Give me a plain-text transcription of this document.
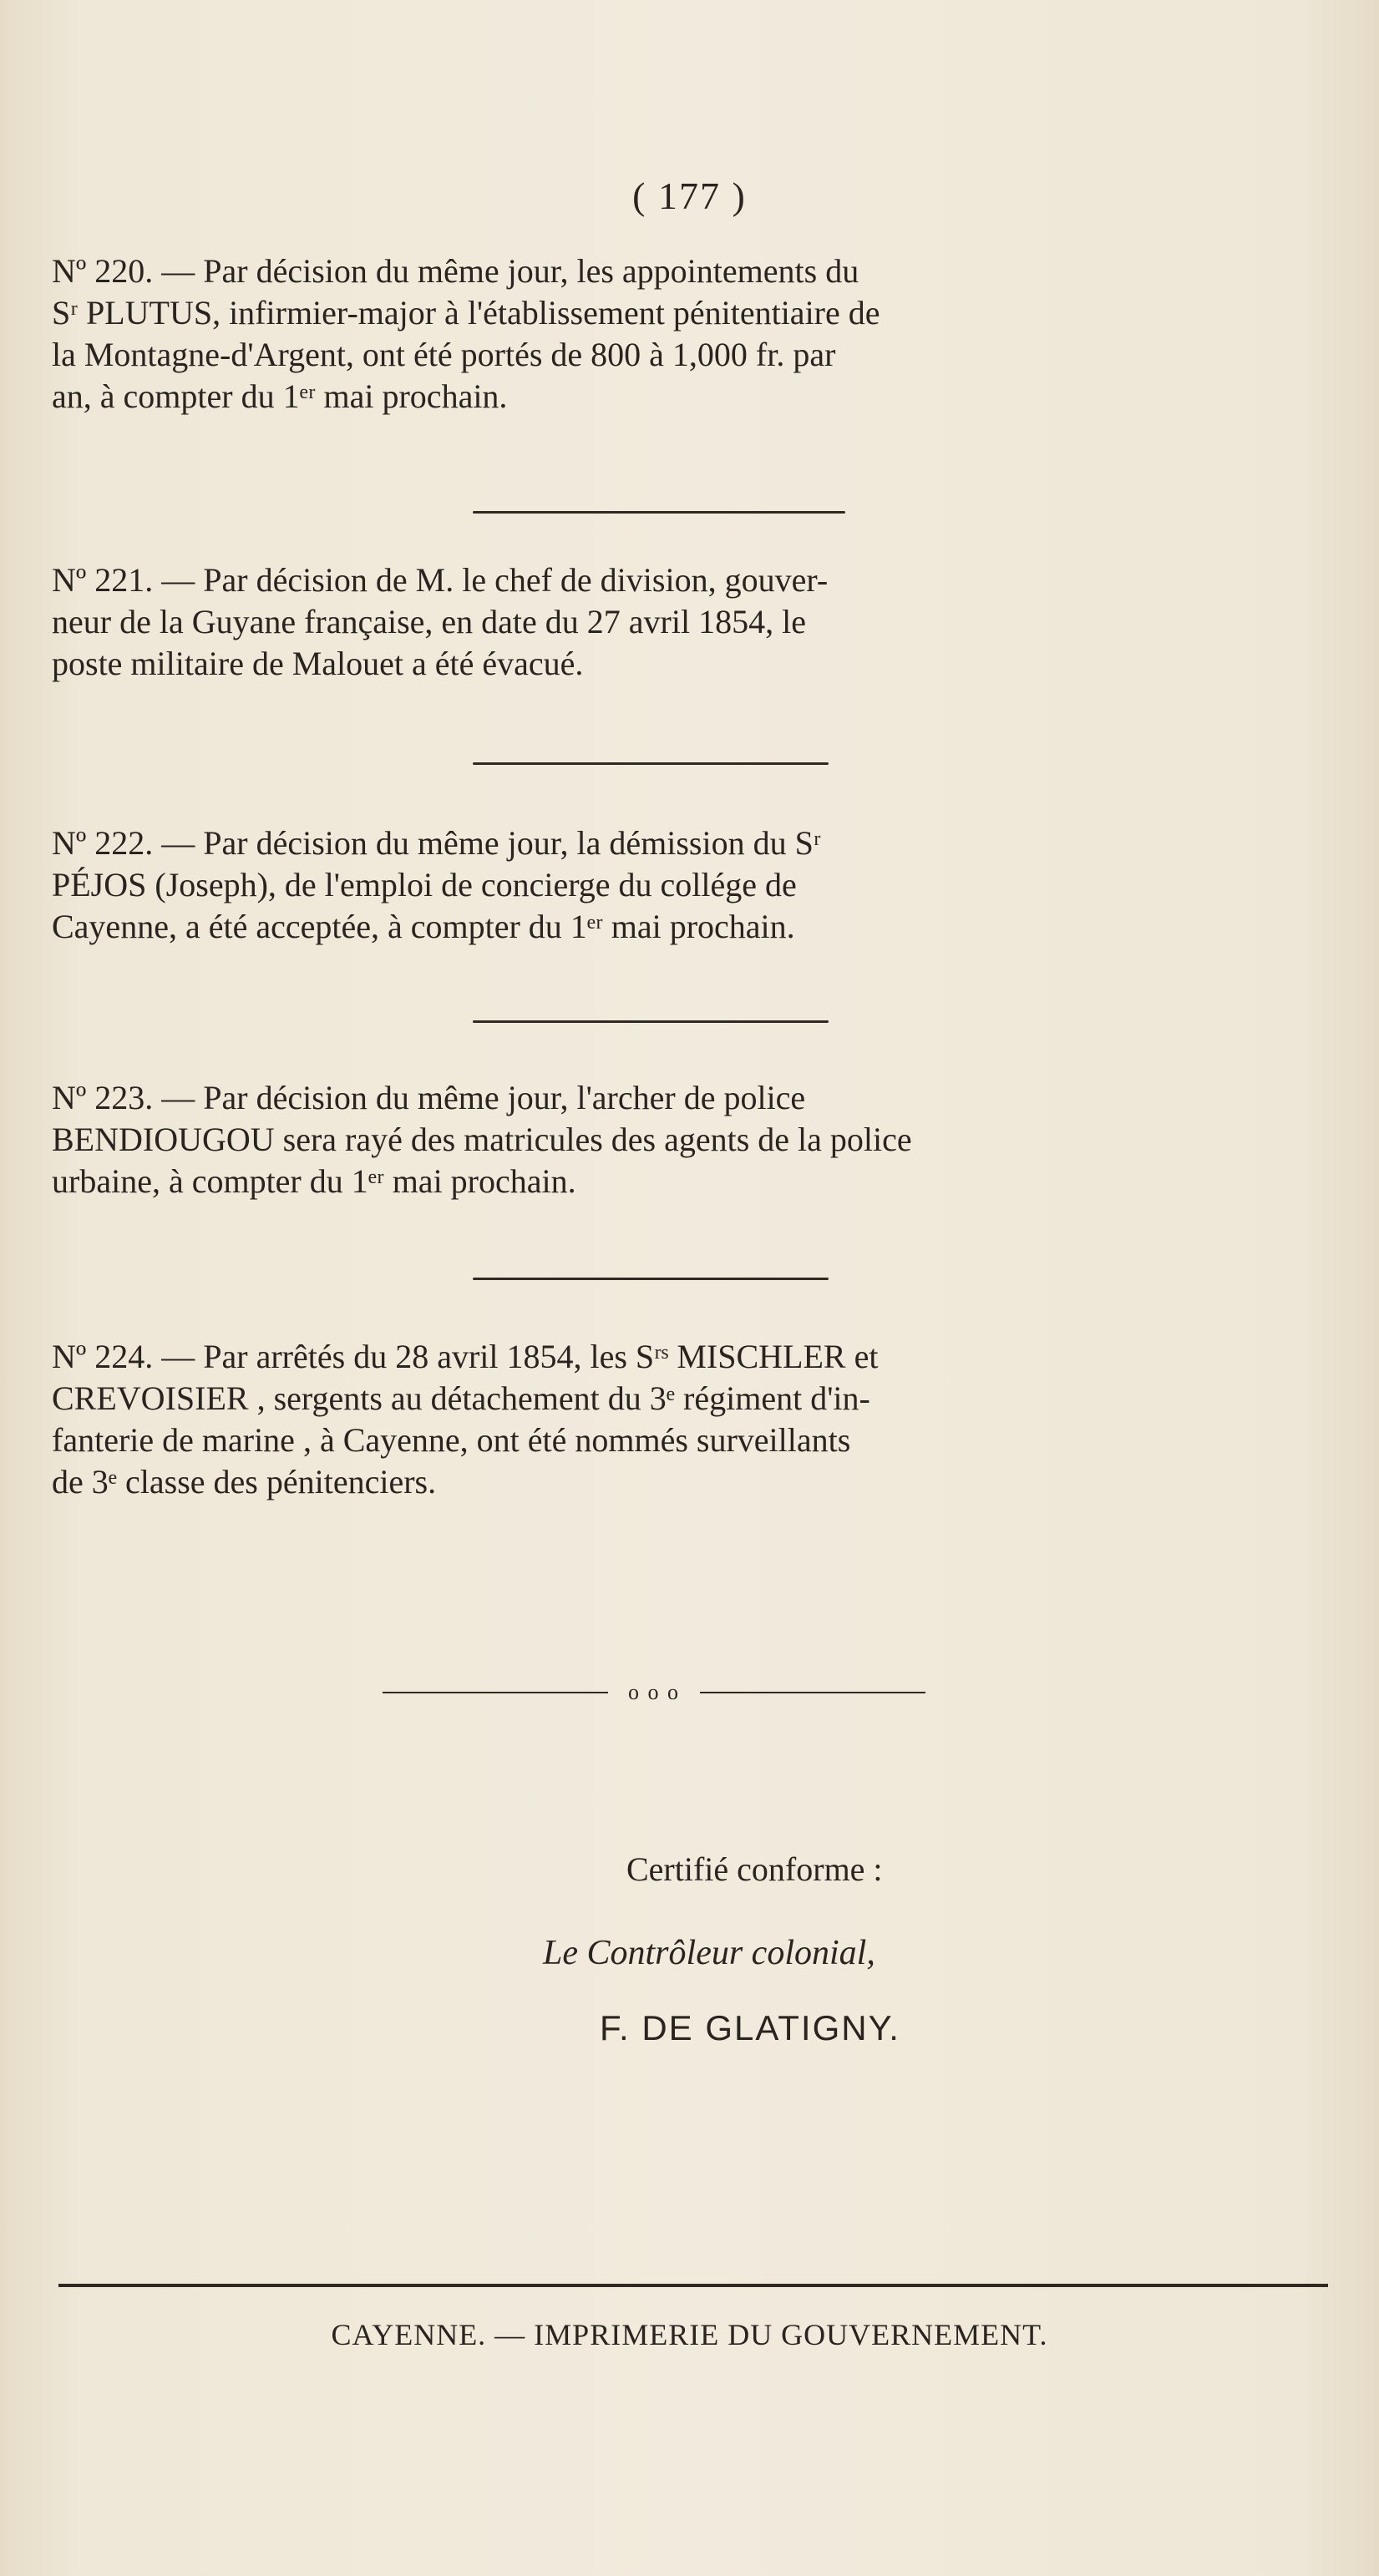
( 177 )

Nº 220. — Par décision du même jour, les appointements du

Sʳ PLUTUS, infirmier-major à l'établissement pénitentiaire de

la Montagne-d'Argent, ont été portés de 800 à 1,000 fr. par

an, à compter du 1ᵉʳ mai prochain.

Nº 221. — Par décision de M. le chef de division, gouver-

neur de la Guyane française, en date du 27 avril 1854, le

poste militaire de Malouet a été évacué.

Nº 222. — Par décision du même jour, la démission du Sʳ

PÉJOS (Joseph), de l'emploi de concierge du collége de

Cayenne, a été acceptée, à compter du 1ᵉʳ mai prochain.

Nº 223. — Par décision du même jour, l'archer de police

BENDIOUGOU sera rayé des matricules des agents de la police

urbaine, à compter du 1ᵉʳ mai prochain.

Nº 224. — Par arrêtés du 28 avril 1854, les Sʳˢ MISCHLER et

CREVOISIER , sergents au détachement du 3ᵉ régiment d'in-

fanterie de marine , à Cayenne, ont été nommés surveillants

de 3ᵉ classe des pénitenciers.

o o o
Certifié conforme :
Le Contrôleur colonial,
F. DE GLATIGNY.
CAYENNE. — IMPRIMERIE DU GOUVERNEMENT.
